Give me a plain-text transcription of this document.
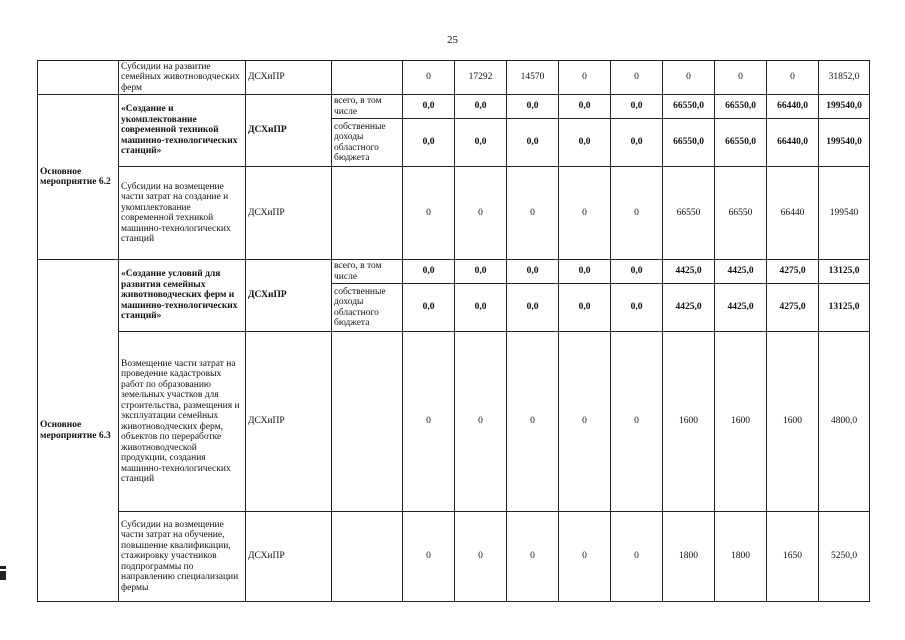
25
	Субсидии на развитие семейных животноводческих ферм	ДСХиПР		0	17292	14570	0	0	0	0	0	31852,0
Основное мероприятие 6.2	«Создание и укомплектование современной техникой машинно-технологических станций»	ДСХиПР	всего, в том числе	0,0	0,0	0,0	0,0	0,0	66550,0	66550,0	66440,0	199540,0
			собственные доходы областного бюджета	0,0	0,0	0,0	0,0	0,0	66550,0	66550,0	66440,0	199540,0
	Субсидии на возмещение части затрат на создание и укомплектование современной техникой машинно-технологических станций	ДСХиПР		0	0	0	0	0	66550	66550	66440	199540
Основное мероприятие 6.3	«Создание условий для развития семейных животноводческих ферм и машинно-технологических станций»	ДСХиПР	всего, в том числе	0,0	0,0	0,0	0,0	0,0	4425,0	4425,0	4275,0	13125,0
			собственные доходы областного бюджета	0,0	0,0	0,0	0,0	0,0	4425,0	4425,0	4275,0	13125,0
	Возмещение части затрат на проведение кадастровых работ по образованию земельных участков для строительства, размещения и эксплуатации семейных животноводческих ферм, объектов по переработке животноводческой продукции, создания машинно-технологических станций	ДСХиПР		0	0	0	0	0	1600	1600	1600	4800,0
	Субсидии на возмещение части затрат на обучение, повышение квалификации, стажировку участников подпрограммы по направлению специализации фермы	ДСХиПР		0	0	0	0	0	1800	1800	1650	5250,0
